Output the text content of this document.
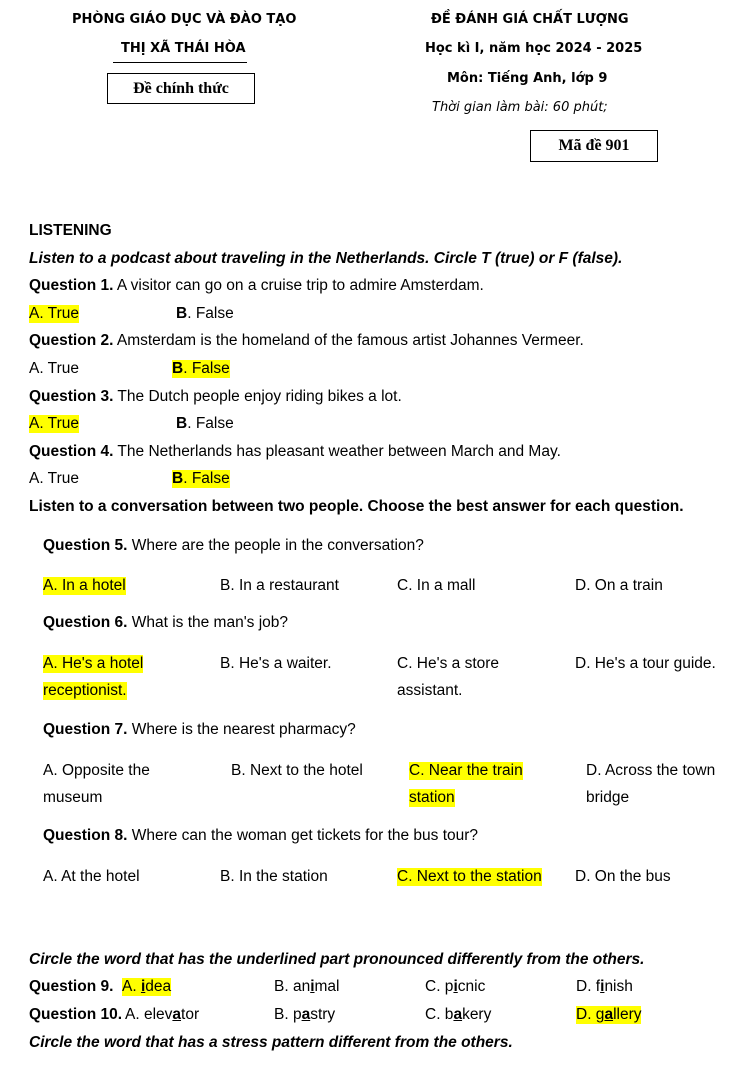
PHÒNG GIÁO DỤC VÀ ĐÀO TẠO
THỊ XÃ THÁI HÒA
Đề chính thức
ĐỀ ĐÁNH GIÁ CHẤT LƯỢNG
Học kì I, năm học 2024 - 2025
Môn: Tiếng Anh, lớp 9
Thời gian làm bài: 60 phút;
Mã đề 901
LISTENING
Listen to a podcast about traveling in the Netherlands. Circle T (true) or F (false).
Question 1. A visitor can go on a cruise trip to admire Amsterdam.
A. True	B. False
Question 2. Amsterdam is the homeland of the famous artist Johannes Vermeer.
A. True	B. False
Question 3. The Dutch people enjoy riding bikes a lot.
A. True	B. False
Question 4. The Netherlands has pleasant weather between March and May.
A. True	B. False
Listen to a conversation between two people. Choose the best answer for each question.
Question 5. Where are the people in the conversation?
A. In a hotel	B. In a restaurant	C. In a mall	D. On a train
Question 6. What is the man's job?
A. He's a hotel
receptionist.
B. He's a waiter.	C. He's a store
assistant.
D. He's a tour guide.
Question 7. Where is the nearest pharmacy?
A. Opposite the
museum
B. Next to the hotel	C. Near the train
station
D. Across the town
bridge
Question 8. Where can the woman get tickets for the bus tour?
A. At the hotel	B. In the station	C. Next to the station D. On the bus
Circle the word that has the underlined part pronounced differently from the others.
Question 9. A. idea	B. animal	C. picnic	D. finish
Question 10. A. elevator	B. pastry	C. bakery	D. gallery
Circle the word that has a stress pattern different from the others.
